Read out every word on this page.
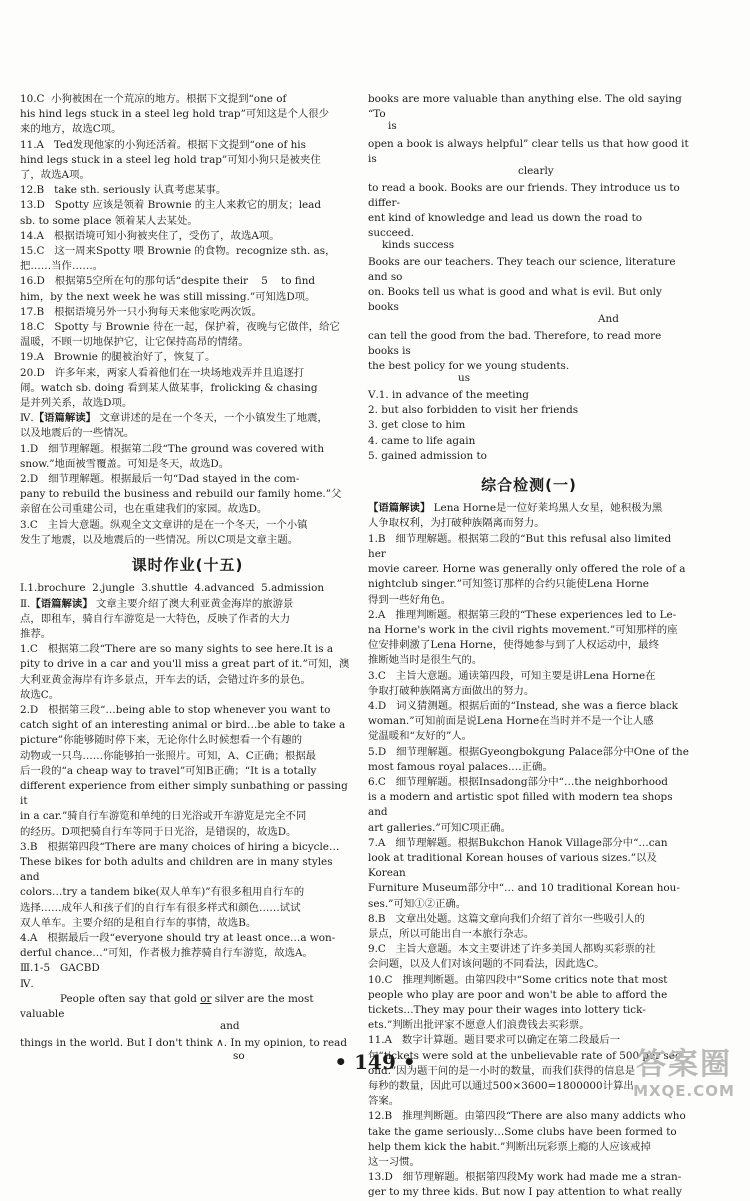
10.C  小狗被困在一个荒凉的地方。根据下文提到“one of

his hind legs stuck in a steel leg hold trap”可知这是个人很少

来的地方，故选C项。

11.A   Ted发现他家的小狗还活着。根据下文提到“one of his

hind legs stuck in a steel leg hold trap”可知小狗只是被夹住

了，故选A项。

12.B   take sth. seriously 认真考虑某事。

13.D   Spotty 应该是领着 Brownie 的主人来救它的朋友；lead

sb. to some place 领着某人去某处。

14.A   根据语境可知小狗被夹住了，受伤了，故选A项。

15.C   这一周来Spotty 喂 Brownie 的食物。recognize sth. as，

把……当作……。

16.D   根据第5空所在句的那句话“despite their    5    to find

him，by the next week he was still missing.”可知选D项。

17.B   根据语境另外一只小狗每天来他家吃两次饭。

18.C   Spotty 与 Brownie 待在一起，保护着，夜晚与它做伴，给它

温暖，不顾一切地保护它，让它保持高昂的情绪。

19.A   Brownie 的腿被治好了，恢复了。

20.D   许多年来，两家人看着他们在一块场地戏弄并且追逐打

闹。watch sb. doing 看到某人做某事，frolicking & chasing

是并列关系，故选D项。

Ⅳ.【语篇解读】 文章讲述的是在一个冬天，一个小镇发生了地震，

以及地震后的一些情况。

1.D   细节理解题。根据第二段“The ground was covered with

snow.”地面被雪覆盖。可知是冬天，故选D。

2.D   细节理解题。根据最后一句“Dad stayed in the com-

pany to rebuild the business and rebuild our family home.”父

亲留在公司重建公司，也在重建我们的家园。故选D。

3.C   主旨大意题。纵观全文文章讲的是在一个冬天，一个小镇

发生了地震，以及地震后的一些情况。所以C项是文章主题。

课时作业(十五)

Ⅰ.1.brochure  2.jungle  3.shuttle  4.advanced  5.admission

Ⅱ.【语篇解读】 文章主要介绍了澳大利亚黄金海岸的旅游景

点，即租车，骑自行车游览是一大特色，反映了作者的大力

推荐。

1.C   根据第二段“There are so many sights to see here.It is a

pity to drive in a car and you'll miss a great part of it.”可知，澳

大利亚黄金海岸有许多景点，开车去的话，会错过许多的景色。

故选C。

2.D   根据第三段“…being able to stop whenever you want to

catch sight of an interesting animal or bird…be able to take a

picture”你能够随时停下来，无论你什么时候想看一个有趣的

动物或一只鸟……你能够拍一张照片。可知，A、C正确；根据最

后一段的“a cheap way to travel”可知B正确；“It is a totally

different experience from either simply sunbathing or passing it

in a car.”骑自行车游览和单纯的日光浴或开车游览是完全不同

的经历。D项把骑自行车等同于日光浴，是错误的，故选D。

3.B   根据第四段“There are many choices of hiring a bicycle…

These bikes for both adults and children are in many styles and

colors…try a tandem bike(双人单车)”有很多租用自行车的

选择……成年人和孩子们的自行车有很多样式和颜色……试试

双人单车。主要介绍的是租自行车的事情，故选B。

4.A   根据最后一段“everyone should try at least once…a won-

derful chance…”可知，作者极力推荐骑自行车游览，故选A。

Ⅲ.1-5   GACBD

Ⅳ.

People often say that gold or silver are the most valuable

and

things in the world. But I don't think ∧. In my opinion, to read

so

books are more valuable than anything else. The old saying “To

is

open a book is always helpful” clear tells us that how good it is

clearly

to read a book. Books are our friends. They introduce us to differ-

ent kind of knowledge and lead us down the road to succeed.

kinds success

Books are our teachers. They teach our science, literature and so

on. Books tell us what is good and what is evil. But only books

And

can tell the good from the bad. Therefore, to read more books is

the best policy for we young students.

us

Ⅴ.1. in advance of the meeting

2. but also forbidden to visit her friends

3. get close to him

4. came to life again

5. gained admission to

综合检测(一)

【语篇解读】 Lena Horne是一位好莱坞黑人女星，她积极为黑

人争取权利，为打破种族隔离而努力。

1.B   细节理解题。根据第二段的“But this refusal also limited her

movie career. Horne was generally only offered the role of a

nightclub singer.”可知签订那样的合约只能使Lena Horne

得到一些好角色。

2.A   推理判断题。根据第三段的“These experiences led to Le-

na Horne's work in the civil rights movement.”可知那样的座

位安排刺激了Lena Horne，使得她参与到了人权运动中，最终

推断她当时是很生气的。

3.C   主旨大意题。通读第四段，可知主要是讲Lena Horne在

争取打破种族隔离方面做出的努力。

4.D   词义猜测题。根据后面的“Instead, she was a fierce black

woman.”可知前面是说Lena Horne在当时并不是一个让人感

觉温暖和“友好的”人。

5.D   细节理解题。根据Gyeongbokgung Palace部分中One of the

most famous royal palaces.…正确。

6.C   细节理解题。根据Insadong部分中“…the neighborhood

is a modern and artistic spot filled with modern tea shops and

art galleries.”可知C项正确。

7.A   细节理解题。根据Bukchon Hanok Village部分中“…can

look at traditional Korean houses of various sizes.”以及Korean

Furniture Museum部分中“… and 10 traditional Korean hou-

ses.”可知①②正确。

8.B   文章出处题。这篇文章向我们介绍了首尔一些吸引人的

景点，所以可能出自一本旅行杂志。

9.C   主旨大意题。本文主要讲述了许多美国人都购买彩票的社

会问题，以及人们对该问题的不同看法，因此选C。

10.C   推理判断题。由第四段中“Some critics note that most

people who play are poor and won't be able to afford the

tickets…They may pour their wages into lottery tick-

ets.”判断出批评家不愿意人们浪费钱去买彩票。

11.A   数字计算题。题目要求可以确定在第二段最后一

句“tickets were sold at the unbelievable rate of 500 per sec-

ond.”因为题干问的是一小时的数量，而我们获得的信息是

每秒的数量，因此可以通过500×3600=1800000计算出

答案。

12.B   推理判断题。由第四段“There are also many addicts who

take the game seriously…Some clubs have been formed to

help them kick the habit.”判断出玩彩票上瘾的人应该戒掉

这一习惯。

13.D   细节理解题。根据第四段My work had made me a stran-

ger to my three kids. But now I pay attention to what really

• 149 •	答案圈
MXQE.COM
